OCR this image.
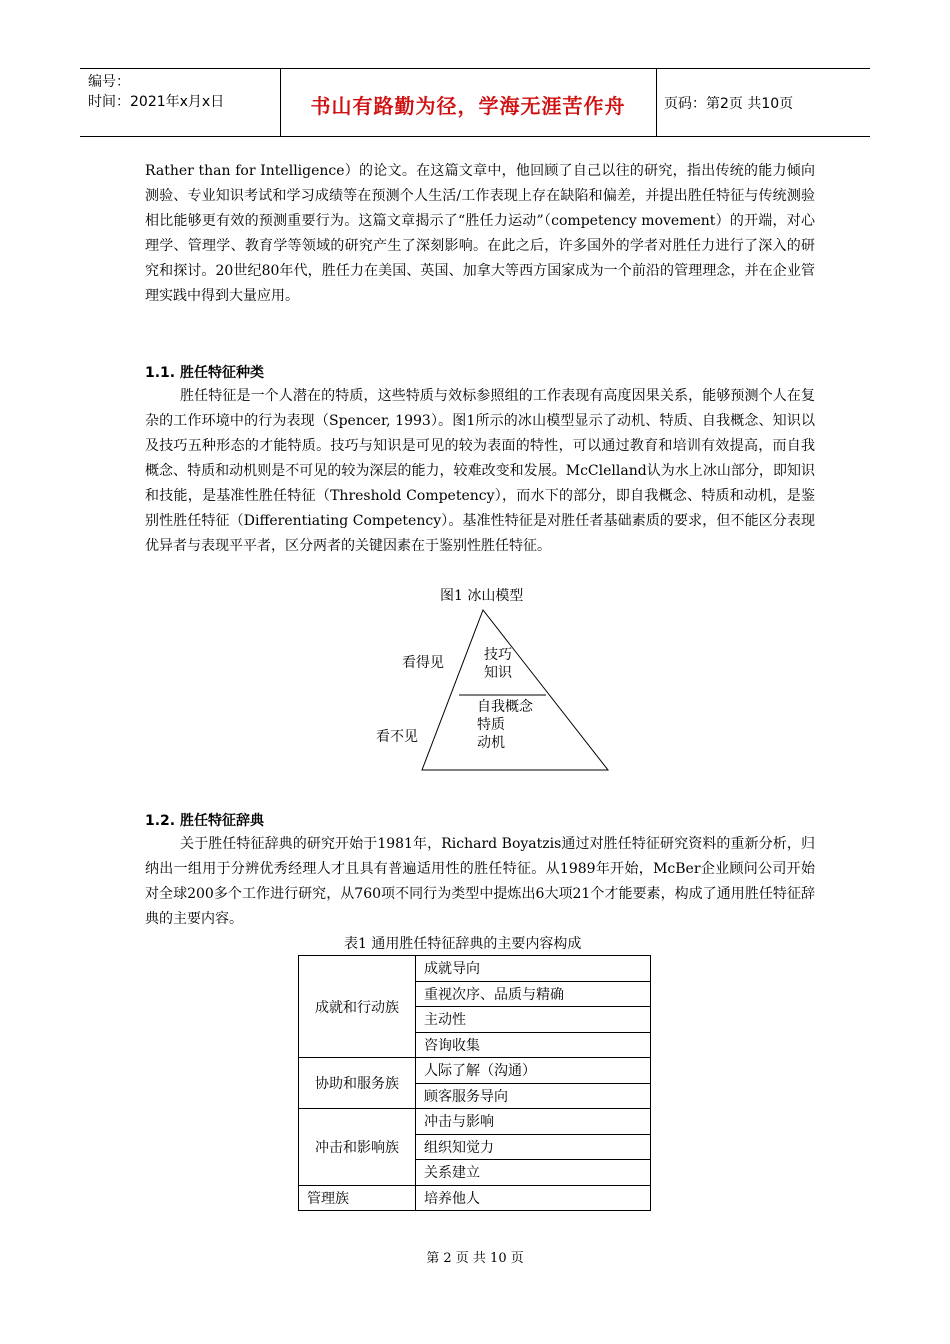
编号：
时间：2021年x月x日	书山有路勤为径，学海无涯苦作舟	页码：第2页 共10页

Rather than for Intelligence）的论文。在这篇文章中，他回顾了自己以往的研究，指出传统的能力倾向测验、专业知识考试和学习成绩等在预测个人生活/工作表现上存在缺陷和偏差，并提出胜任特征与传统测验相比能够更有效的预测重要行为。这篇文章揭示了“胜任力运动”（competency movement）的开端，对心理学、管理学、教育学等领域的研究产生了深刻影响。在此之后，许多国外的学者对胜任力进行了深入的研究和探讨。20世纪80年代，胜任力在美国、英国、加拿大等西方国家成为一个前沿的管理理念，并在企业管理实践中得到大量应用。

1.1. 胜任特征种类

胜任特征是一个人潜在的特质，这些特质与效标参照组的工作表现有高度因果关系，能够预测个人在复杂的工作环境中的行为表现（Spencer, 1993）。图1所示的冰山模型显示了动机、特质、自我概念、知识以及技巧五种形态的才能特质。技巧与知识是可见的较为表面的特性，可以通过教育和培训有效提高，而自我概念、特质和动机则是不可见的较为深层的能力，较难改变和发展。McClelland认为水上冰山部分，即知识和技能，是基准性胜任特征（Threshold Competency），而水下的部分，即自我概念、特质和动机，是鉴别性胜任特征（Differentiating Competency）。基准性特征是对胜任者基础素质的要求，但不能区分表现优异者与表现平平者，区分两者的关键因素在于鉴别性胜任特征。

图1 冰山模型
看得见
看不见
技巧
知识
自我概念
特质
动机
1.2. 胜任特征辞典

关于胜任特征辞典的研究开始于1981年，Richard Boyatzis通过对胜任特征研究资料的重新分析，归纳出一组用于分辨优秀经理人才且具有普遍适用性的胜任特征。从1989年开始，McBer企业顾问公司开始对全球200多个工作进行研究，从760项不同行为类型中提炼出6大项21个才能要素，构成了通用胜任特征辞典的主要内容。

表1 通用胜任特征辞典的主要内容构成
成就和行动族	成就导向
	重视次序、品质与精确
	主动性
	咨询收集
协助和服务族	人际了解（沟通）
	顾客服务导向
冲击和影响族	冲击与影响
	组织知觉力
	关系建立
管理族	培养他人
第 2 页 共 10 页
